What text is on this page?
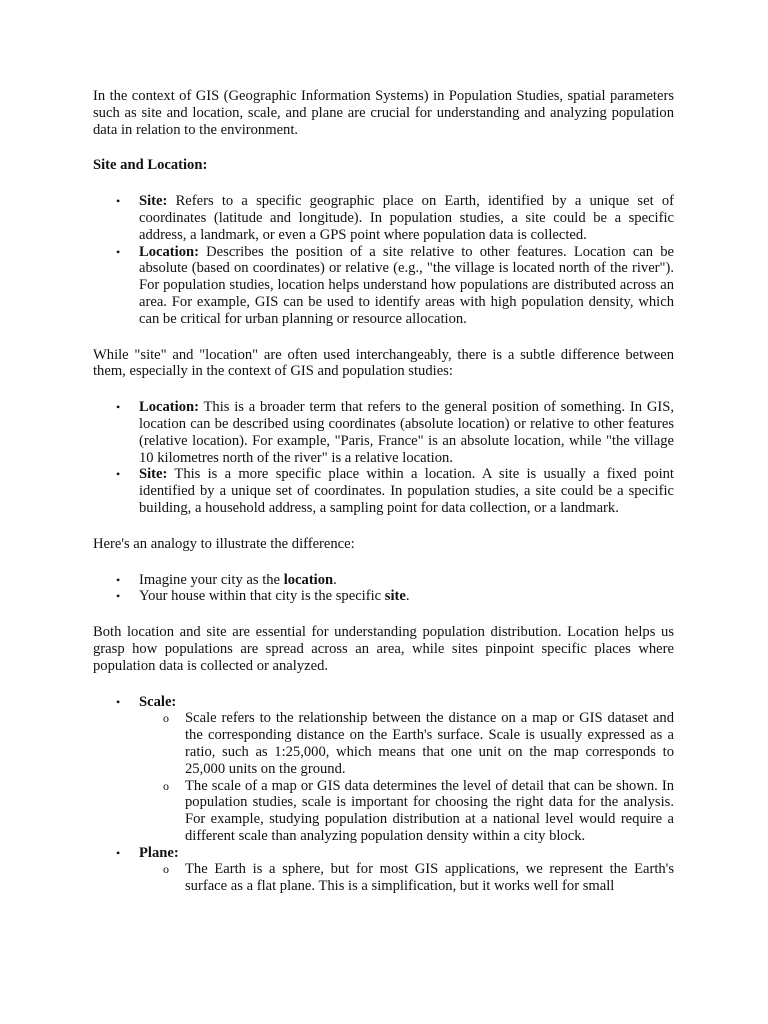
In the context of GIS (Geographic Information Systems) in Population Studies, spatial parameters such as site and location, scale, and plane are crucial for understanding and analyzing population data in relation to the environment.

Site and Location:

• Site: Refers to a specific geographic place on Earth, identified by a unique set of coordinates (latitude and longitude). In population studies, a site could be a specific address, a landmark, or even a GPS point where population data is collected.
• Location: Describes the position of a site relative to other features. Location can be absolute (based on coordinates) or relative (e.g., "the village is located north of the river"). For population studies, location helps understand how populations are distributed across an area. For example, GIS can be used to identify areas with high population density, which can be critical for urban planning or resource allocation.

While "site" and "location" are often used interchangeably, there is a subtle difference between them, especially in the context of GIS and population studies:

• Location: This is a broader term that refers to the general position of something. In GIS, location can be described using coordinates (absolute location) or relative to other features (relative location). For example, "Paris, France" is an absolute location, while "the village 10 kilometres north of the river" is a relative location.
• Site: This is a more specific place within a location. A site is usually a fixed point identified by a unique set of coordinates. In population studies, a site could be a specific building, a household address, a sampling point for data collection, or a landmark.

Here's an analogy to illustrate the difference:

• Imagine your city as the location.
• Your house within that city is the specific site.

Both location and site are essential for understanding population distribution. Location helps us grasp how populations are spread across an area, while sites pinpoint specific places where population data is collected or analyzed.

• Scale:
o Scale refers to the relationship between the distance on a map or GIS dataset and the corresponding distance on the Earth's surface. Scale is usually expressed as a ratio, such as 1:25,000, which means that one unit on the map corresponds to 25,000 units on the ground.
o The scale of a map or GIS data determines the level of detail that can be shown. In population studies, scale is important for choosing the right data for the analysis. For example, studying population distribution at a national level would require a different scale than analyzing population density within a city block.
• Plane:
o The Earth is a sphere, but for most GIS applications, we represent the Earth's surface as a flat plane. This is a simplification, but it works well for small
